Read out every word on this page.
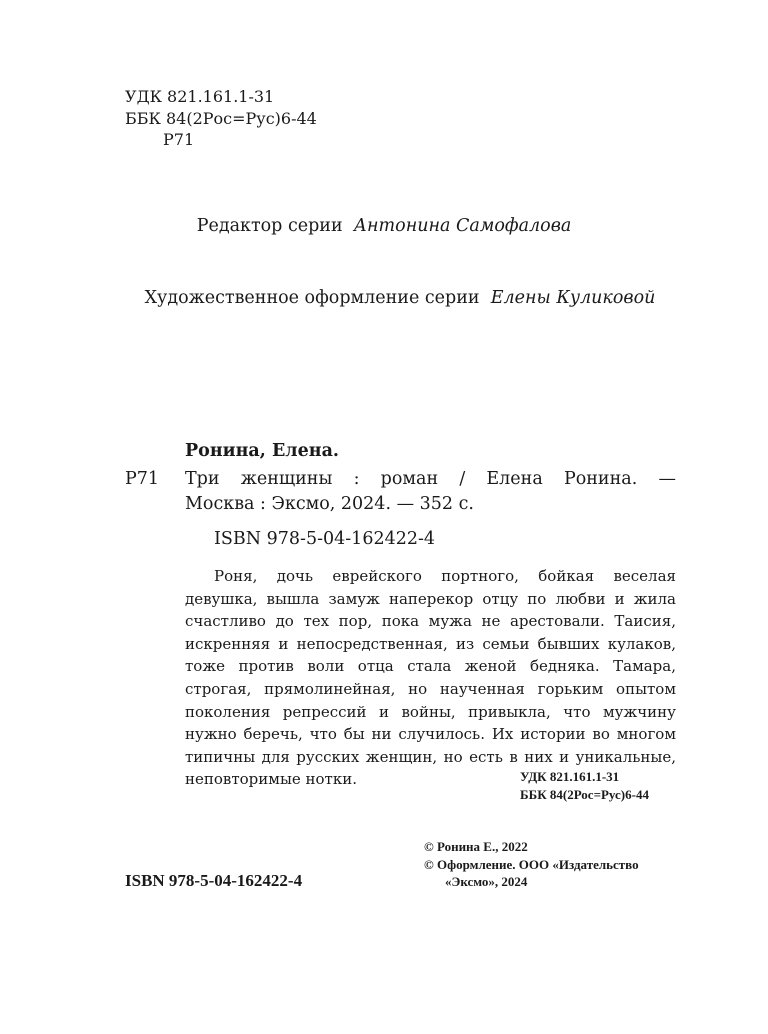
УДК 821.161.1-31
ББК 84(2Рос=Рус)6-44
Р71
Редактор серии Антонина Самофалова
Художественное оформление серии Елены Куликовой
Ронина, Елена.
Р71 Три женщины : роман / Елена Ронина. —
Москва : Эксмо, 2024. — 352 с.
ISBN 978-5-04-162422-4
Роня, дочь еврейского портного, бойкая веселая девушка, вышла замуж наперекор отцу по любви и жила счастливо до тех пор, пока мужа не арестовали. Таисия, искренняя и непосредственная, из семьи бывших кулаков, тоже против воли отца стала женой бедняка. Тамара, строгая, прямолинейная, но наученная горьким опытом поколения репрессий и войны, привыкла, что мужчину нужно беречь, что бы ни случилось. Их истории во многом типичны для русских женщин, но есть в них и уникальные, неповторимые нотки.	УДК 821.161.1-31
ББК 84(2Рос=Рус)6-44
© Ронина Е., 2022
© Оформление. ООО «Издательство
«Эксмо», 2024
ISBN 978-5-04-162422-4
